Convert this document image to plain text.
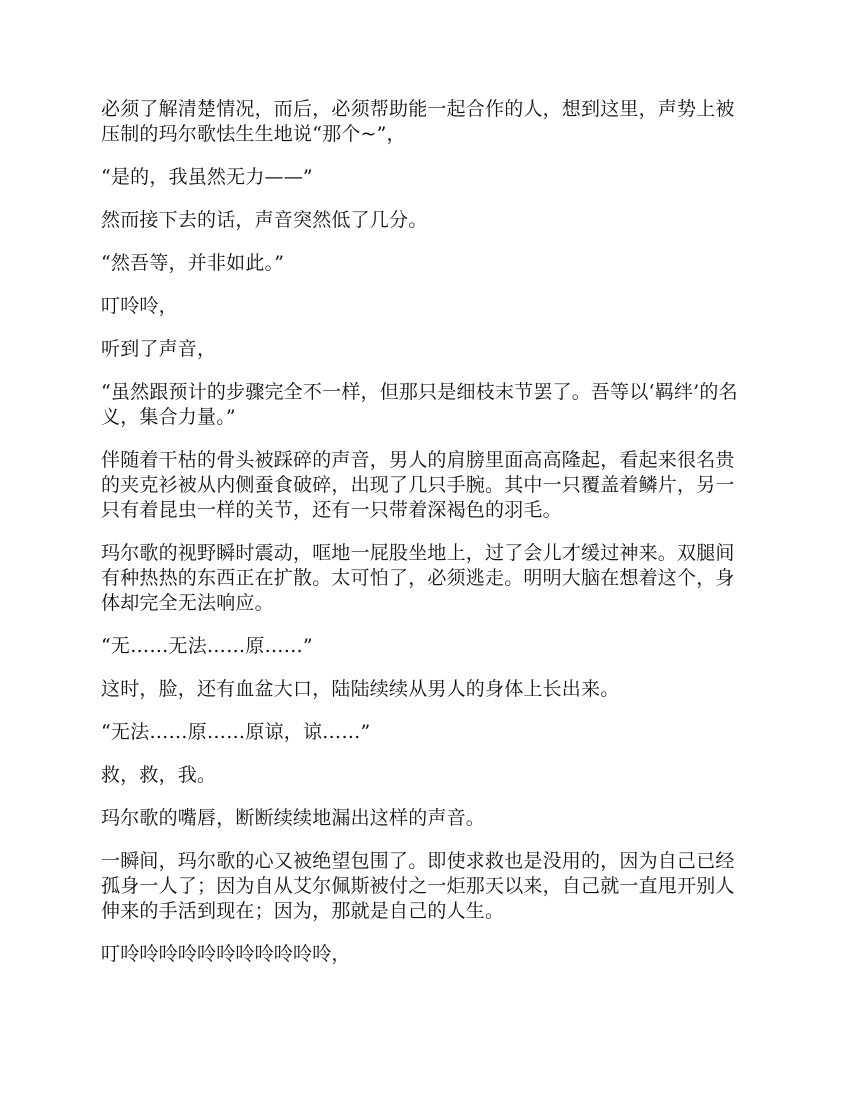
必须了解清楚情况，而后，必须帮助能一起合作的人，想到这里，声势上被压制的玛尔歌怯生生地说“那个~”，

“是的，我虽然无力——”

然而接下去的话，声音突然低了几分。

“然吾等，并非如此。”

叮呤呤，

听到了声音，

“虽然跟预计的步骤完全不一样，但那只是细枝末节罢了。吾等以‘羁绊’的名义，集合力量。”

伴随着干枯的骨头被踩碎的声音，男人的肩膀里面高高隆起，看起来很名贵的夹克衫被从内侧蚕食破碎，出现了几只手腕。其中一只覆盖着鳞片，另一只有着昆虫一样的关节，还有一只带着深褐色的羽毛。

玛尔歌的视野瞬时震动，哐地一屁股坐地上，过了会儿才缓过神来。双腿间有种热热的东西正在扩散。太可怕了，必须逃走。明明大脑在想着这个，身体却完全无法响应。

“无……无法……原……”

这时，脸，还有血盆大口，陆陆续续从男人的身体上长出来。

“无法……原……原谅，谅……”

救，救，我。

玛尔歌的嘴唇，断断续续地漏出这样的声音。

一瞬间，玛尔歌的心又被绝望包围了。即使求救也是没用的，因为自己已经孤身一人了；因为自从艾尔佩斯被付之一炬那天以来，自己就一直甩开别人伸来的手活到现在；因为，那就是自己的人生。

叮呤呤呤呤呤呤呤呤呤呤呤，
